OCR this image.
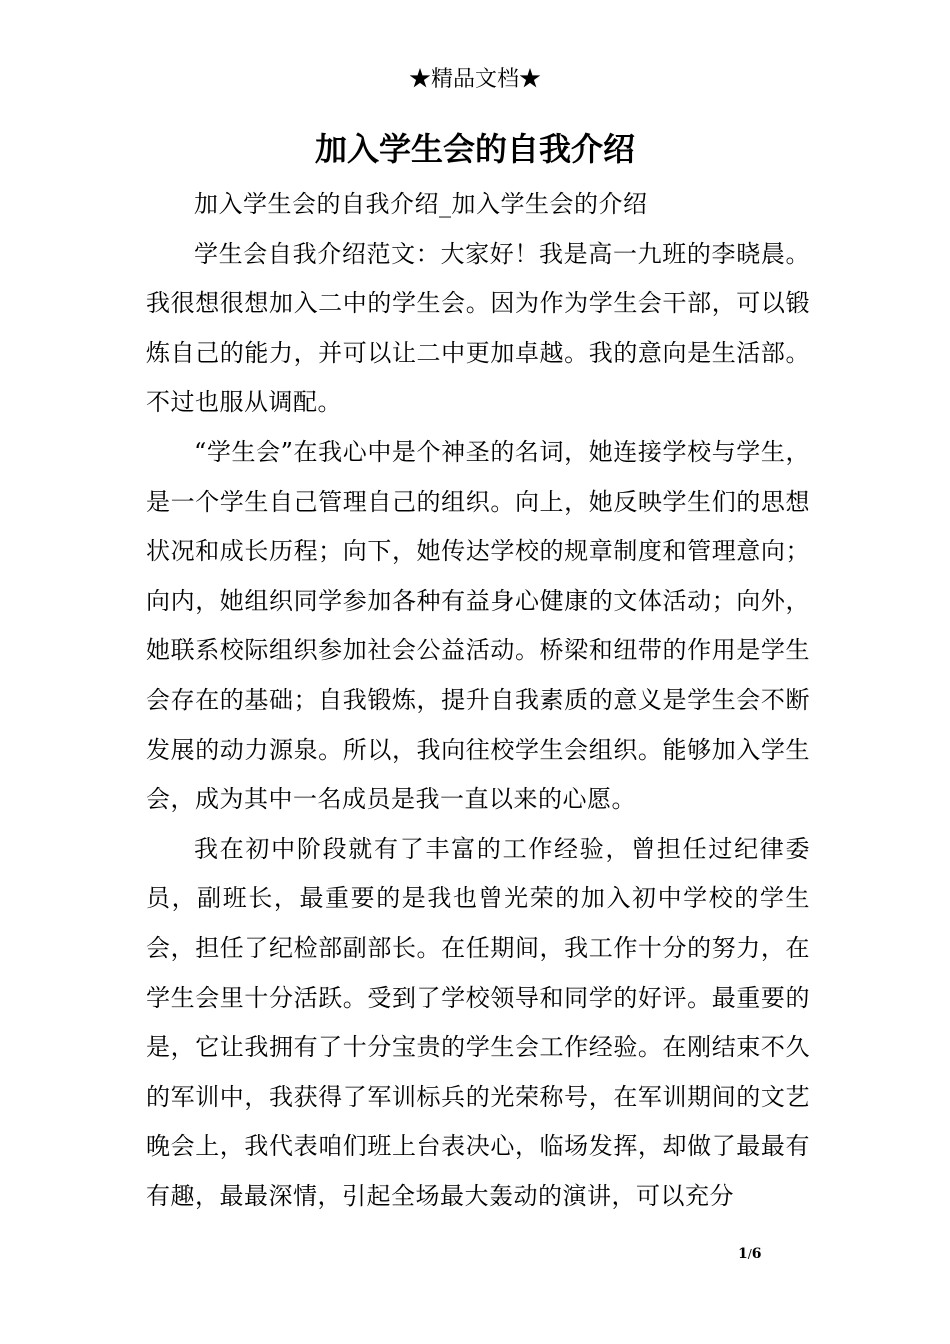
★精品文档★
加入学生会的自我介绍

加入学生会的自我介绍_加入学生会的介绍

学生会自我介绍范文：大家好！我是高一九班的李晓晨。我很想很想加入二中的学生会。因为作为学生会干部，可以锻炼自己的能力，并可以让二中更加卓越。我的意向是生活部。不过也服从调配。

“学生会”在我心中是个神圣的名词，她连接学校与学生，是一个学生自己管理自己的组织。向上，她反映学生们的思想状况和成长历程；向下，她传达学校的规章制度和管理意向；向内，她组织同学参加各种有益身心健康的文体活动；向外，她联系校际组织参加社会公益活动。桥梁和纽带的作用是学生会存在的基础；自我锻炼，提升自我素质的意义是学生会不断发展的动力源泉。所以，我向往校学生会组织。能够加入学生会，成为其中一名成员是我一直以来的心愿。

我在初中阶段就有了丰富的工作经验，曾担任过纪律委员，副班长，最重要的是我也曾光荣的加入初中学校的学生会，担任了纪检部副部长。在任期间，我工作十分的努力，在学生会里十分活跃。受到了学校领导和同学的好评。最重要的是，它让我拥有了十分宝贵的学生会工作经验。在刚结束不久的军训中，我获得了军训标兵的光荣称号，在军训期间的文艺晚会上，我代表咱们班上台表决心，临场发挥，却做了最最有有趣，最最深情，引起全场最大轰动的演讲，可以充分

1/6
